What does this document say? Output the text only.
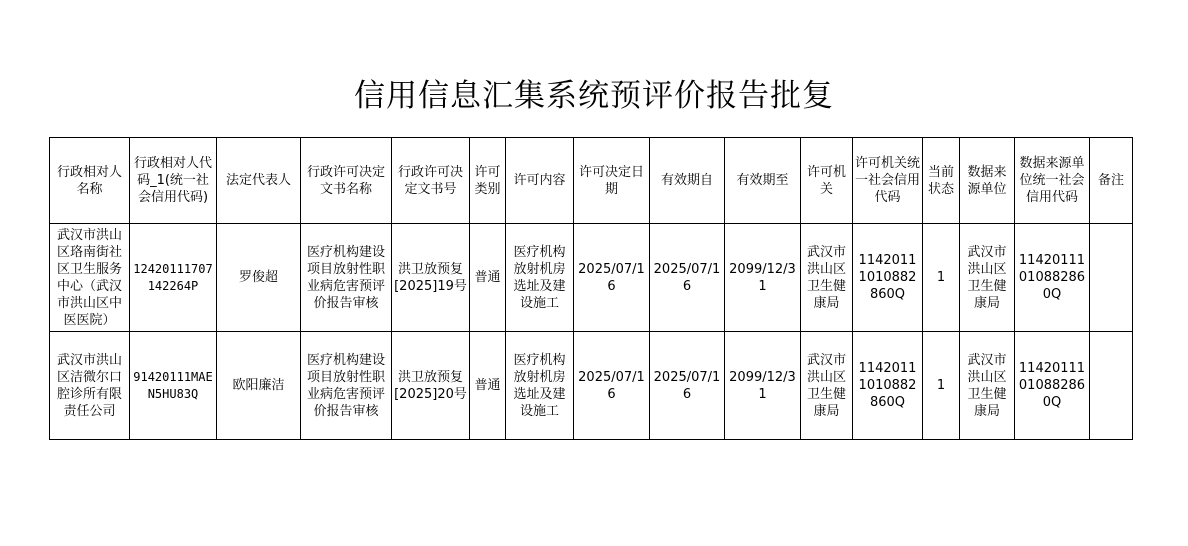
信用信息汇集系统预评价报告批复
行政相对人名称	行政相对人代码_1(统一社会信用代码)	法定代表人	行政许可决定文书名称	行政许可决定文书号	许可类别	许可内容	许可决定日期	有效期自	有效期至	许可机关	许可机关统一社会信用代码	当前状态	数据来源单位	数据来源单位统一社会信用代码	备注
武汉市洪山区珞南街社区卫生服务中心（武汉市洪山区中医医院）	12420111707142264P	罗俊超	医疗机构建设项目放射性职业病危害预评价报告审核	洪卫放预复[2025]19号	普通	医疗机构放射机房选址及建设施工	2025/07/16	2025/07/16	2099/12/31	武汉市洪山区卫生健康局	11420111010882860Q	1	武汉市洪山区卫生健康局	11420111010882860Q	
武汉市洪山区洁微尔口腔诊所有限责任公司	91420111MAEN5HU83Q	欧阳廉洁	医疗机构建设项目放射性职业病危害预评价报告审核	洪卫放预复[2025]20号	普通	医疗机构放射机房选址及建设施工	2025/07/16	2025/07/16	2099/12/31	武汉市洪山区卫生健康局	11420111010882860Q	1	武汉市洪山区卫生健康局	11420111010882860Q	
